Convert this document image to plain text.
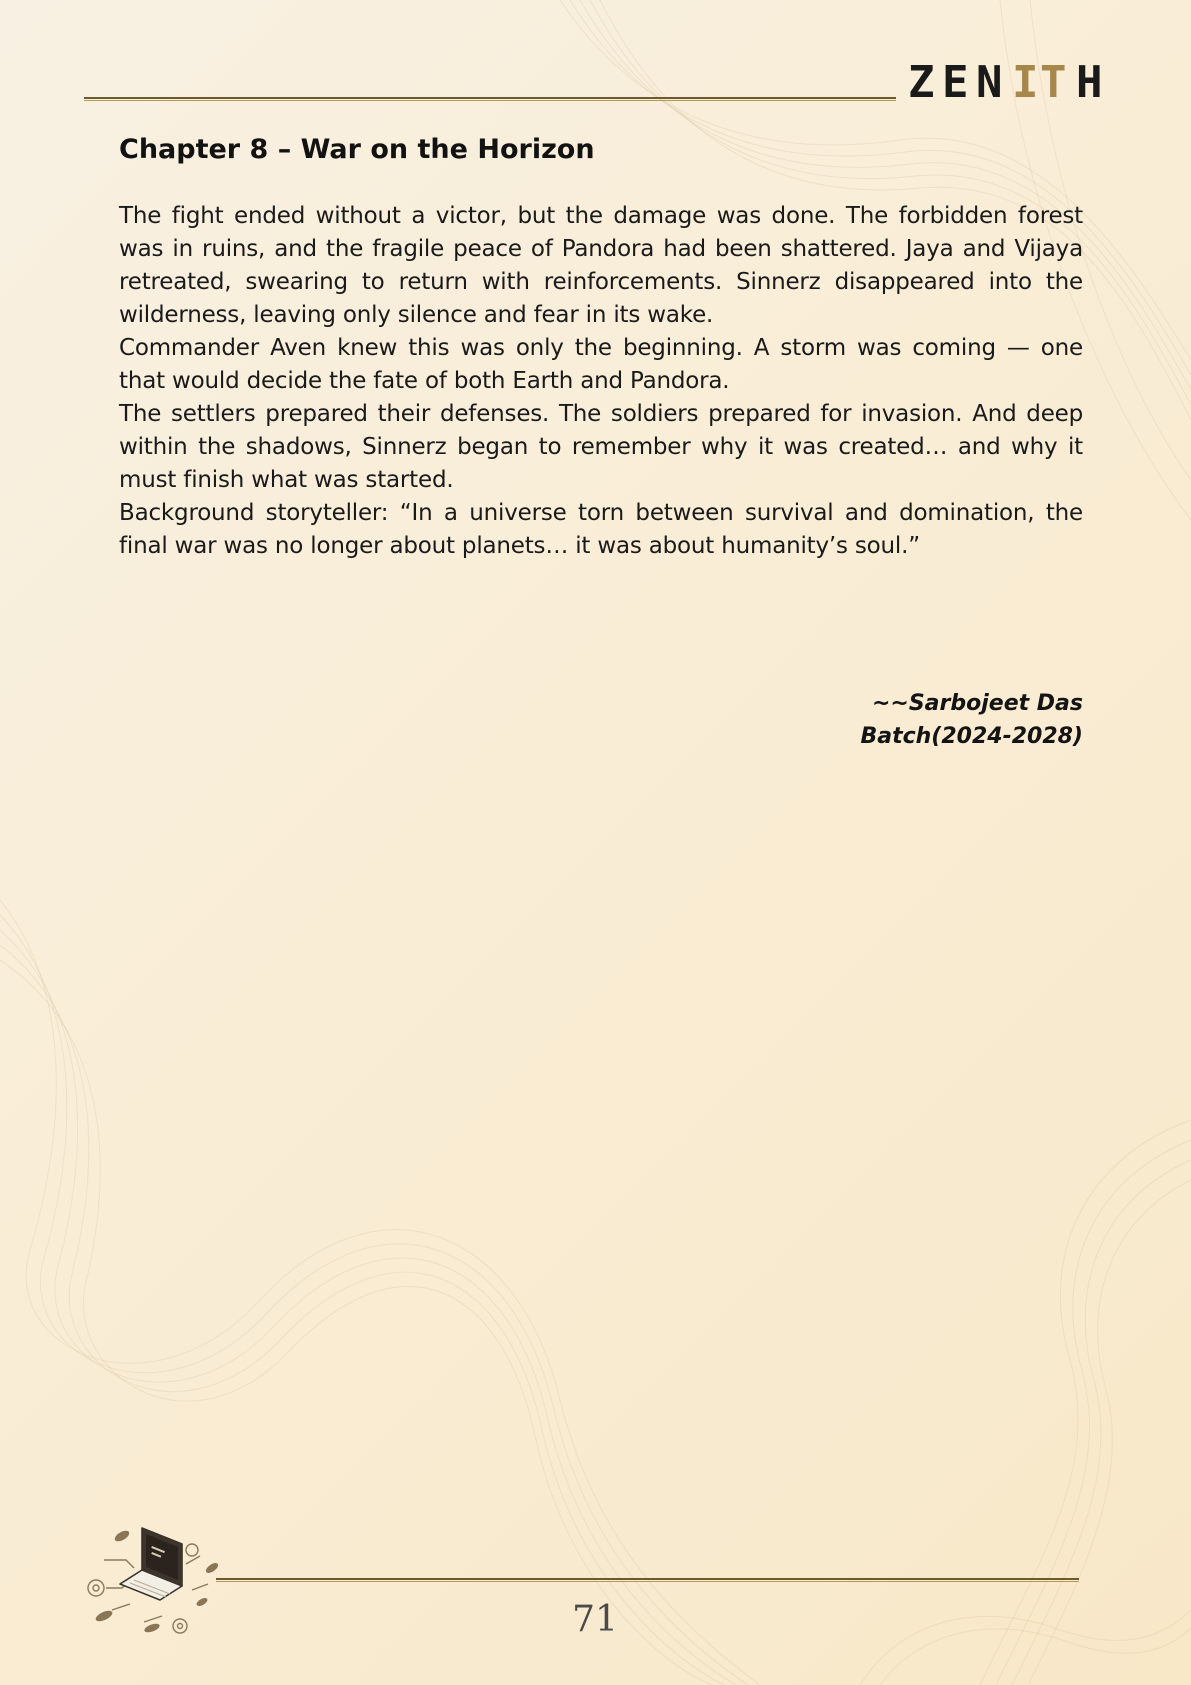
Z E N I T H
Chapter 8 – War on the Horizon

The fight ended without a victor, but the damage was done. The forbidden forest was in ruins, and the fragile peace of Pandora had been shattered. Jaya and Vijaya retreated, swearing to return with reinforcements. Sinnerz disappeared into the wilderness, leaving only silence and fear in its wake.

Commander Aven knew this was only the beginning. A storm was coming — one that would decide the fate of both Earth and Pandora.

The settlers prepared their defenses. The soldiers prepared for invasion. And deep within the shadows, Sinnerz began to remember why it was created… and why it must finish what was started.

Background storyteller: “In a universe torn between survival and domination, the final war was no longer about planets… it was about humanity’s soul.”

~~Sarbojeet Das
Batch(2024-2028)
71
